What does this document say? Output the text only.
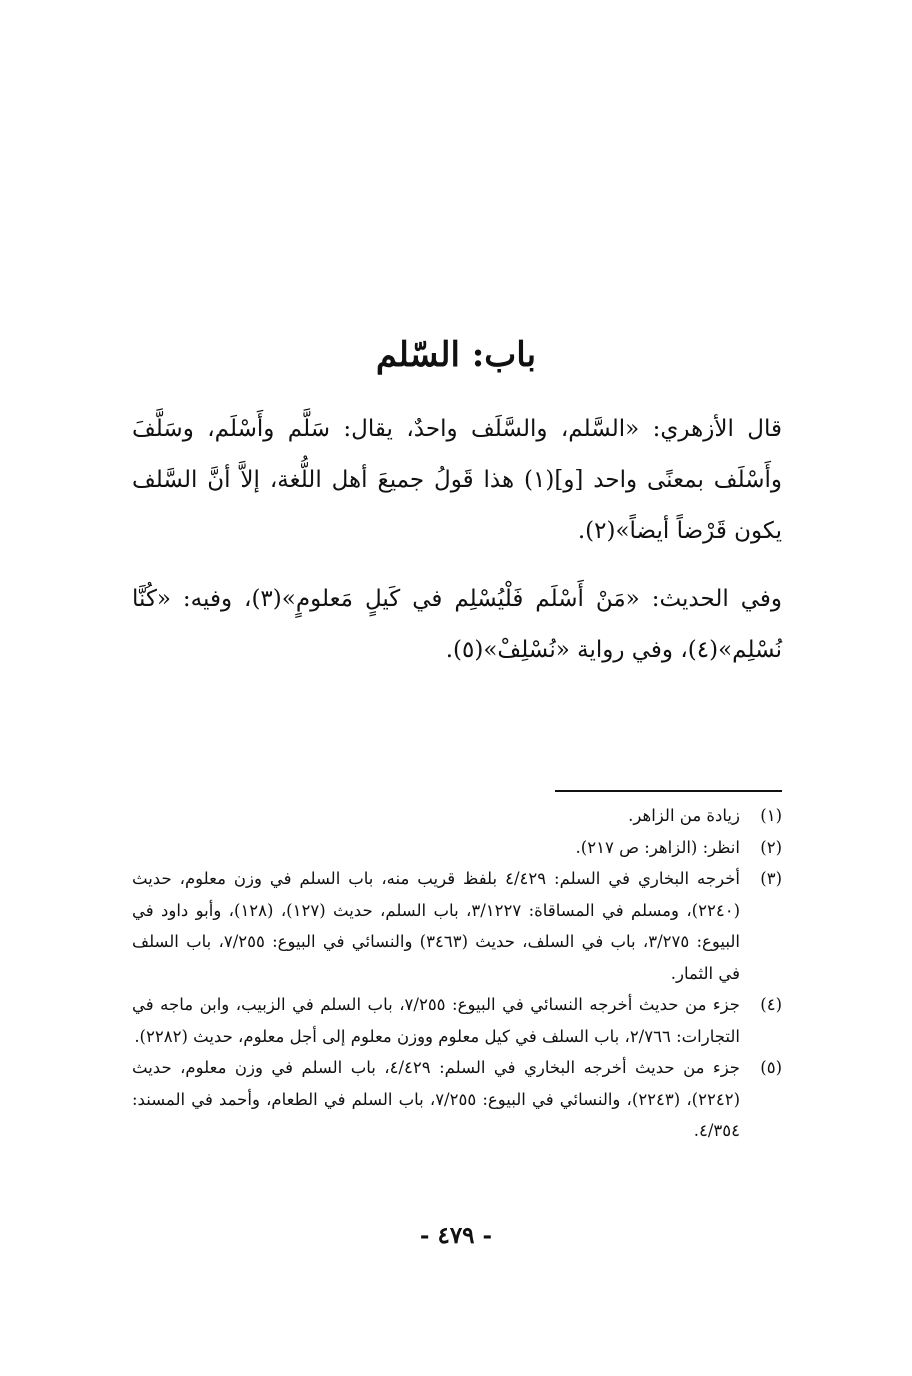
باب: السّلم

قال الأزهري: «السَّلم، والسَّلَف واحدٌ، يقال: سَلَّم وأَسْلَم، وسَلَّفَ وأَسْلَف بمعنًى واحد [و](١) هذا قَولُ جميعَ أهل اللُّغة، إلاَّ أنَّ السَّلف يكون قَرْضاً أيضاً»(٢).

وفي الحديث: «مَنْ أَسْلَم فَلْيُسْلِم في كَيلٍ مَعلومٍ»(٣)، وفيه: «كُنَّا نُسْلِم»(٤)، وفي رواية «نُسْلِفْ»(٥).

(١)
زيادة من الزاهر.
(٢)
انظر: (الزاهر: ص ٢١٧).
(٣)
أخرجه البخاري في السلم: ٤/٤٢٩ بلفظ قريب منه، باب السلم في وزن معلوم، حديث (٢٢٤٠)، ومسلم في المساقاة: ٣/١٢٢٧، باب السلم، حديث (١٢٧)، (١٢٨)، وأبو داود في البيوع: ٣/٢٧٥، باب في السلف، حديث (٣٤٦٣) والنسائي في البيوع: ٧/٢٥٥، باب السلف في الثمار.
(٤)
جزء من حديث أخرجه النسائي في البيوع: ٧/٢٥٥، باب السلم في الزبيب، وابن ماجه في التجارات: ٢/٧٦٦، باب السلف في كيل معلوم ووزن معلوم إلى أجل معلوم، حديث (٢٢٨٢).
(٥)
جزء من حديث أخرجه البخاري في السلم: ٤/٤٢٩، باب السلم في وزن معلوم، حديث (٢٢٤٢)، (٢٢٤٣)، والنسائي في البيوع: ٧/٢٥٥، باب السلم في الطعام، وأحمد في المسند: ٤/٣٥٤.
- ٤٧٩ -
